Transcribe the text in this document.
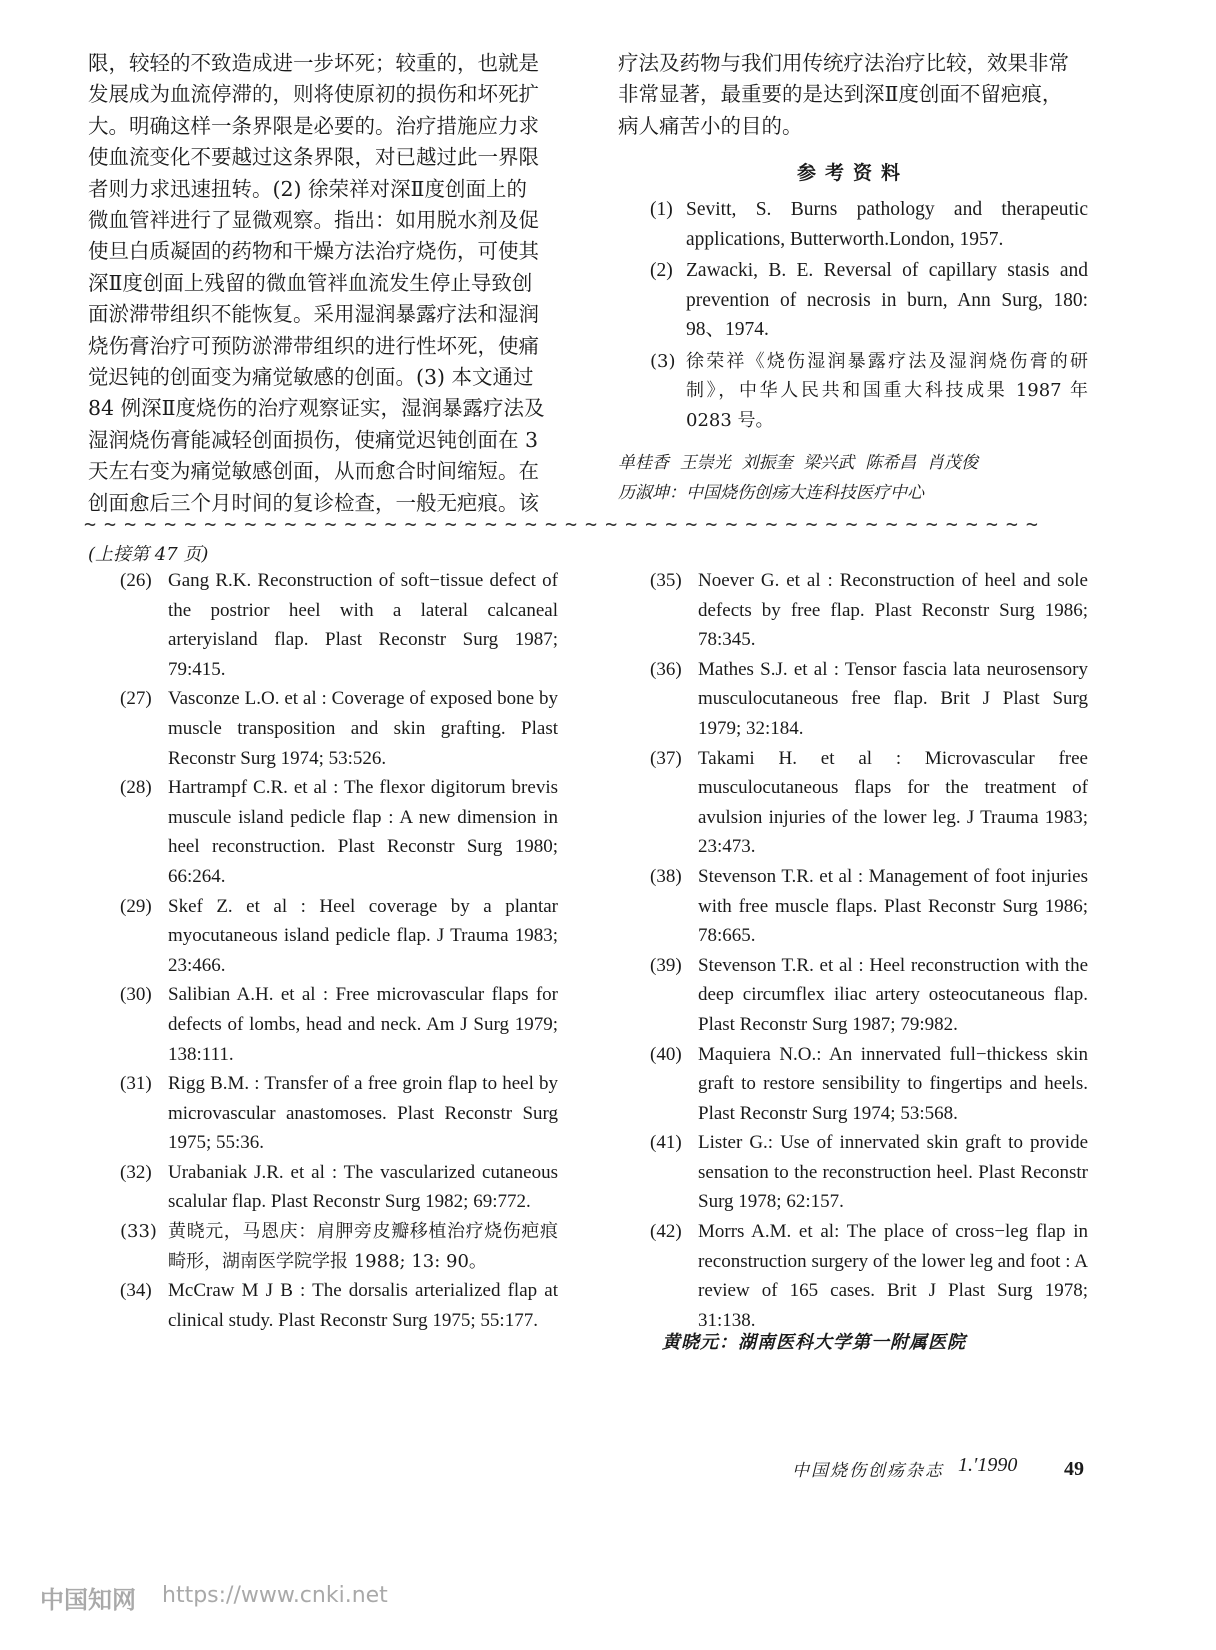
限，较轻的不致造成进一步坏死；较重的，也就是

发展成为血流停滞的，则将使原初的损伤和坏死扩

大。明确这样一条界限是必要的。治疗措施应力求

使血流变化不要越过这条界限，对已越过此一界限

者则力求迅速扭转。(2) 徐荣祥对深Ⅱ度创面上的

微血管袢进行了显微观察。指出：如用脱水剂及促

使旦白质凝固的药物和干燥方法治疗烧伤，可使其

深Ⅱ度创面上残留的微血管袢血流发生停止导致创

面淤滞带组织不能恢复。采用湿润暴露疗法和湿润

烧伤膏治疗可预防淤滞带组织的进行性坏死，使痛

觉迟钝的创面变为痛觉敏感的创面。(3) 本文通过

84 例深Ⅱ度烧伤的治疗观察证实，湿润暴露疗法及

湿润烧伤膏能减轻创面损伤，使痛觉迟钝创面在 3

天左右变为痛觉敏感创面，从而愈合时间缩短。在

创面愈后三个月时间的复诊检查，一般无疤痕。该

疗法及药物与我们用传统疗法治疗比较，效果非常

非常显著，最重要的是达到深Ⅱ度创面不留疤痕，

病人痛苦小的目的。

参考资料
(1) Sevitt, S. Burns pathology and therapeutic applications, Butterworth.London, 1957.
(2) Zawacki, B. E. Reversal of capillary stasis and prevention of necrosis in burn, Ann Surg, 180: 98、1974.
(3) 徐荣祥《烧伤湿润暴露疗法及湿润烧伤膏的研制》，中华人民共和国重大科技成果 1987 年 0283 号。
单桂香  王崇光  刘振奎  梁兴武  陈希昌  肖茂俊
历淑坤：中国烧伤创疡大连科技医疗中心
~~~~~~~~~~~~~~~~~~~~~~~~~~~~~~~~~~~~~~~~~~~~~~~~
(上接第 47 页)
(26) Gang R.K. Reconstruction of soft−tissue defect of the postrior heel with a lateral calcaneal arteryisland flap. Plast Reconstr Surg 1987; 79:415.
(27) Vasconze L.O. et al : Coverage of exposed bone by muscle transposition and skin grafting. Plast Reconstr Surg 1974; 53:526.
(28) Hartrampf C.R. et al : The flexor digitorum brevis muscule island pedicle flap : A new dimension in heel reconstruction. Plast Reconstr Surg 1980; 66:264.
(29) Skef Z. et al : Heel coverage by a plantar myocutaneous island pedicle flap. J Trauma 1983; 23:466.
(30) Salibian A.H. et al : Free microvascular flaps for defects of lombs, head and neck. Am J Surg 1979; 138:111.
(31) Rigg B.M. : Transfer of a free groin flap to heel by microvascular anastomoses. Plast Reconstr Surg 1975; 55:36.
(32) Urabaniak J.R. et al : The vascularized cutaneous scalular flap. Plast Reconstr Surg 1982; 69:772.
(33) 黄晓元，马恩庆：肩胛旁皮瓣移植治疗烧伤疤痕畸形，湖南医学院学报 1988; 13: 90。
(34) McCraw M J B : The dorsalis arterialized flap at clinical study. Plast Reconstr Surg 1975; 55:177.
(35) Noever G. et al : Reconstruction of heel and sole defects by free flap. Plast Reconstr Surg 1986; 78:345.
(36) Mathes S.J. et al : Tensor fascia lata neurosensory musculocutaneous free flap. Brit J Plast Surg 1979; 32:184.
(37) Takami H. et al : Microvascular free musculocutaneous flaps for the treatment of avulsion injuries of the lower leg. J Trauma 1983; 23:473.
(38) Stevenson T.R. et al : Management of foot injuries with free muscle flaps. Plast Reconstr Surg 1986; 78:665.
(39) Stevenson T.R. et al : Heel reconstruction with the deep circumflex iliac artery osteocutaneous flap. Plast Reconstr Surg 1987; 79:982.
(40) Maquiera N.O.: An innervated full−thickess skin graft to restore sensibility to fingertips and heels. Plast Reconstr Surg 1974; 53:568.
(41) Lister G.: Use of innervated skin graft to provide sensation to the reconstruction heel. Plast Reconstr Surg 1978; 62:157.
(42) Morrs A.M. et al: The place of cross−leg flap in reconstruction surgery of the lower leg and foot : A review of 165 cases. Brit J Plast Surg 1978; 31:138.
黄晓元：湖南医科大学第一附属医院
中国烧伤创疡杂志 1.′1990 49
中国知网 https://www.cnki.net
